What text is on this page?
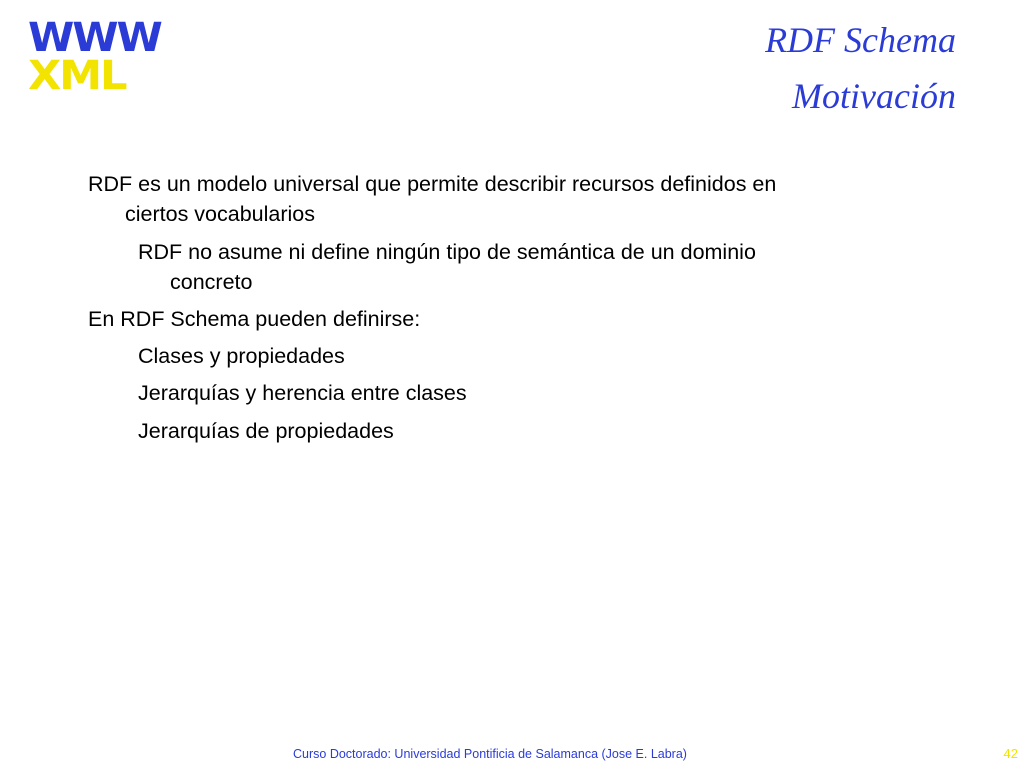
WWW
XML
RDF Schema
Motivación
RDF es un modelo universal que permite describir recursos definidos en
ciertos vocabularios
RDF no asume ni define ningún tipo de semántica de un dominio
concreto
En RDF Schema pueden definirse:
Clases y propiedades
Jerarquías y herencia entre clases
Jerarquías de propiedades
Curso Doctorado: Universidad Pontificia de Salamanca (Jose E. Labra)	42
